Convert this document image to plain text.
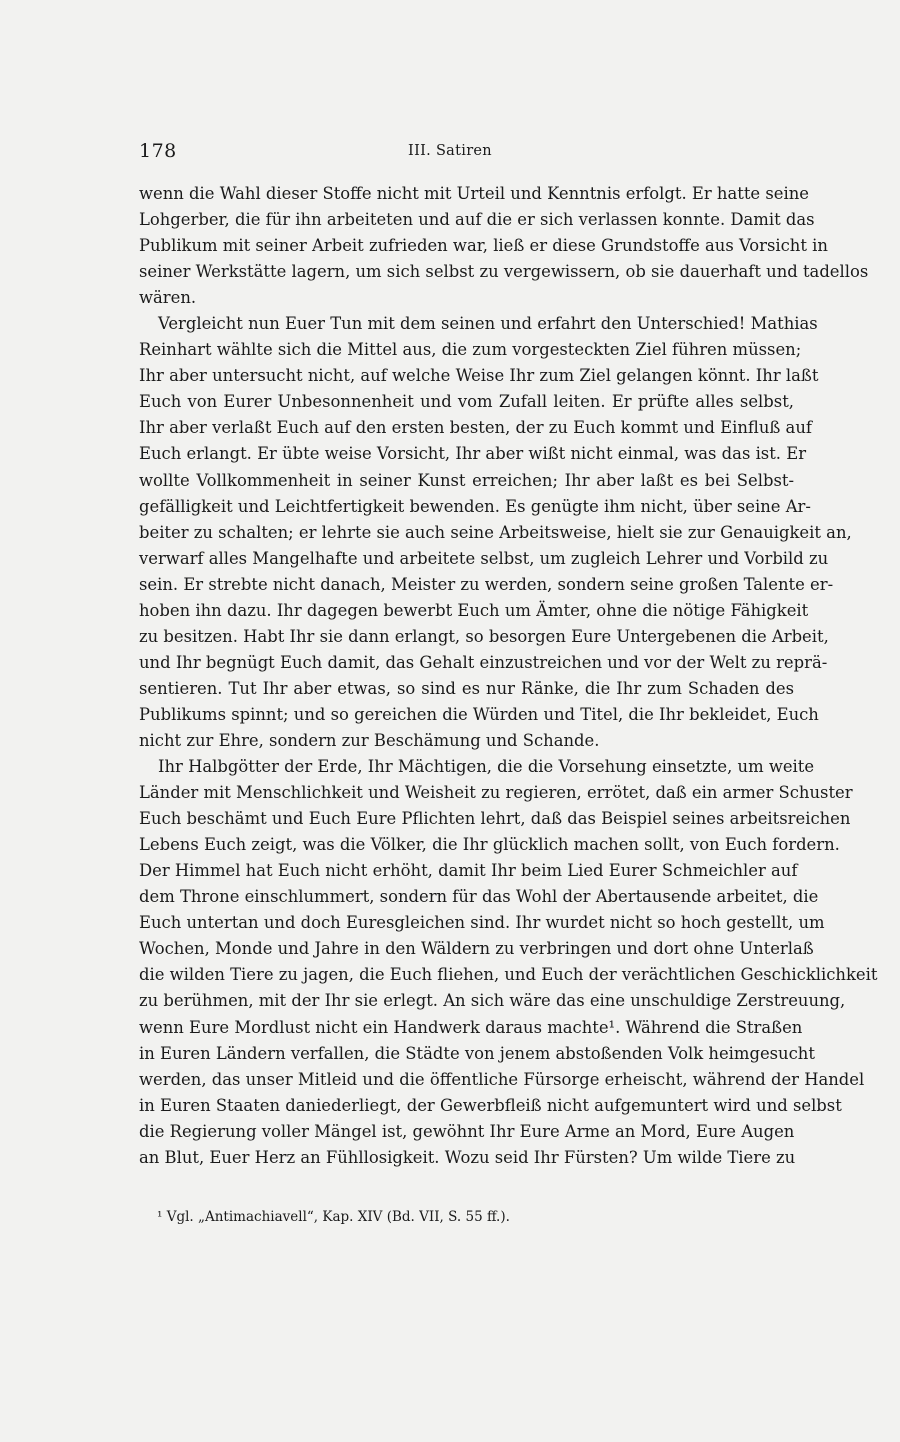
178	III. Satiren
wenn die Wahl dieser Stoffe nicht mit Urteil und Kenntnis erfolgt. Er hatte seine
Lohgerber, die für ihn arbeiteten und auf die er sich verlassen konnte. Damit das
Publikum mit seiner Arbeit zufrieden war, ließ er diese Grundstoffe aus Vorsicht in
seiner Werkstätte lagern, um sich selbst zu vergewissern, ob sie dauerhaft und tadellos
wären.
Vergleicht nun Euer Tun mit dem seinen und erfahrt den Unterschied! Mathias
Reinhart wählte sich die Mittel aus, die zum vorgesteckten Ziel führen müssen;
Ihr aber untersucht nicht, auf welche Weise Ihr zum Ziel gelangen könnt. Ihr laßt
Euch von Eurer Unbesonnenheit und vom Zufall leiten. Er prüfte alles selbst,
Ihr aber verlaßt Euch auf den ersten besten, der zu Euch kommt und Einfluß auf
Euch erlangt. Er übte weise Vorsicht, Ihr aber wißt nicht einmal, was das ist. Er
wollte Vollkommenheit in seiner Kunst erreichen; Ihr aber laßt es bei Selbst-
gefälligkeit und Leichtfertigkeit bewenden. Es genügte ihm nicht, über seine Ar-
beiter zu schalten; er lehrte sie auch seine Arbeitsweise, hielt sie zur Genauigkeit an,
verwarf alles Mangelhafte und arbeitete selbst, um zugleich Lehrer und Vorbild zu
sein. Er strebte nicht danach, Meister zu werden, sondern seine großen Talente er-
hoben ihn dazu. Ihr dagegen bewerbt Euch um Ämter, ohne die nötige Fähigkeit
zu besitzen. Habt Ihr sie dann erlangt, so besorgen Eure Untergebenen die Arbeit,
und Ihr begnügt Euch damit, das Gehalt einzustreichen und vor der Welt zu reprä-
sentieren. Tut Ihr aber etwas, so sind es nur Ränke, die Ihr zum Schaden des
Publikums spinnt; und so gereichen die Würden und Titel, die Ihr bekleidet, Euch
nicht zur Ehre, sondern zur Beschämung und Schande.
Ihr Halbgötter der Erde, Ihr Mächtigen, die die Vorsehung einsetzte, um weite
Länder mit Menschlichkeit und Weisheit zu regieren, errötet, daß ein armer Schuster
Euch beschämt und Euch Eure Pflichten lehrt, daß das Beispiel seines arbeitsreichen
Lebens Euch zeigt, was die Völker, die Ihr glücklich machen sollt, von Euch fordern.
Der Himmel hat Euch nicht erhöht, damit Ihr beim Lied Eurer Schmeichler auf
dem Throne einschlummert, sondern für das Wohl der Abertausende arbeitet, die
Euch untertan und doch Euresgleichen sind. Ihr wurdet nicht so hoch gestellt, um
Wochen, Monde und Jahre in den Wäldern zu verbringen und dort ohne Unterlaß
die wilden Tiere zu jagen, die Euch fliehen, und Euch der verächtlichen Geschicklichkeit
zu berühmen, mit der Ihr sie erlegt. An sich wäre das eine unschuldige Zerstreuung,
wenn Eure Mordlust nicht ein Handwerk daraus machte¹. Während die Straßen
in Euren Ländern verfallen, die Städte von jenem abstoßenden Volk heimgesucht
werden, das unser Mitleid und die öffentliche Fürsorge erheischt, während der Handel
in Euren Staaten daniederliegt, der Gewerbfleiß nicht aufgemuntert wird und selbst
die Regierung voller Mängel ist, gewöhnt Ihr Eure Arme an Mord, Eure Augen
an Blut, Euer Herz an Fühllosigkeit. Wozu seid Ihr Fürsten? Um wilde Tiere zu
¹ Vgl. „Antimachiavell“, Kap. XIV (Bd. VII, S. 55 ff.).
